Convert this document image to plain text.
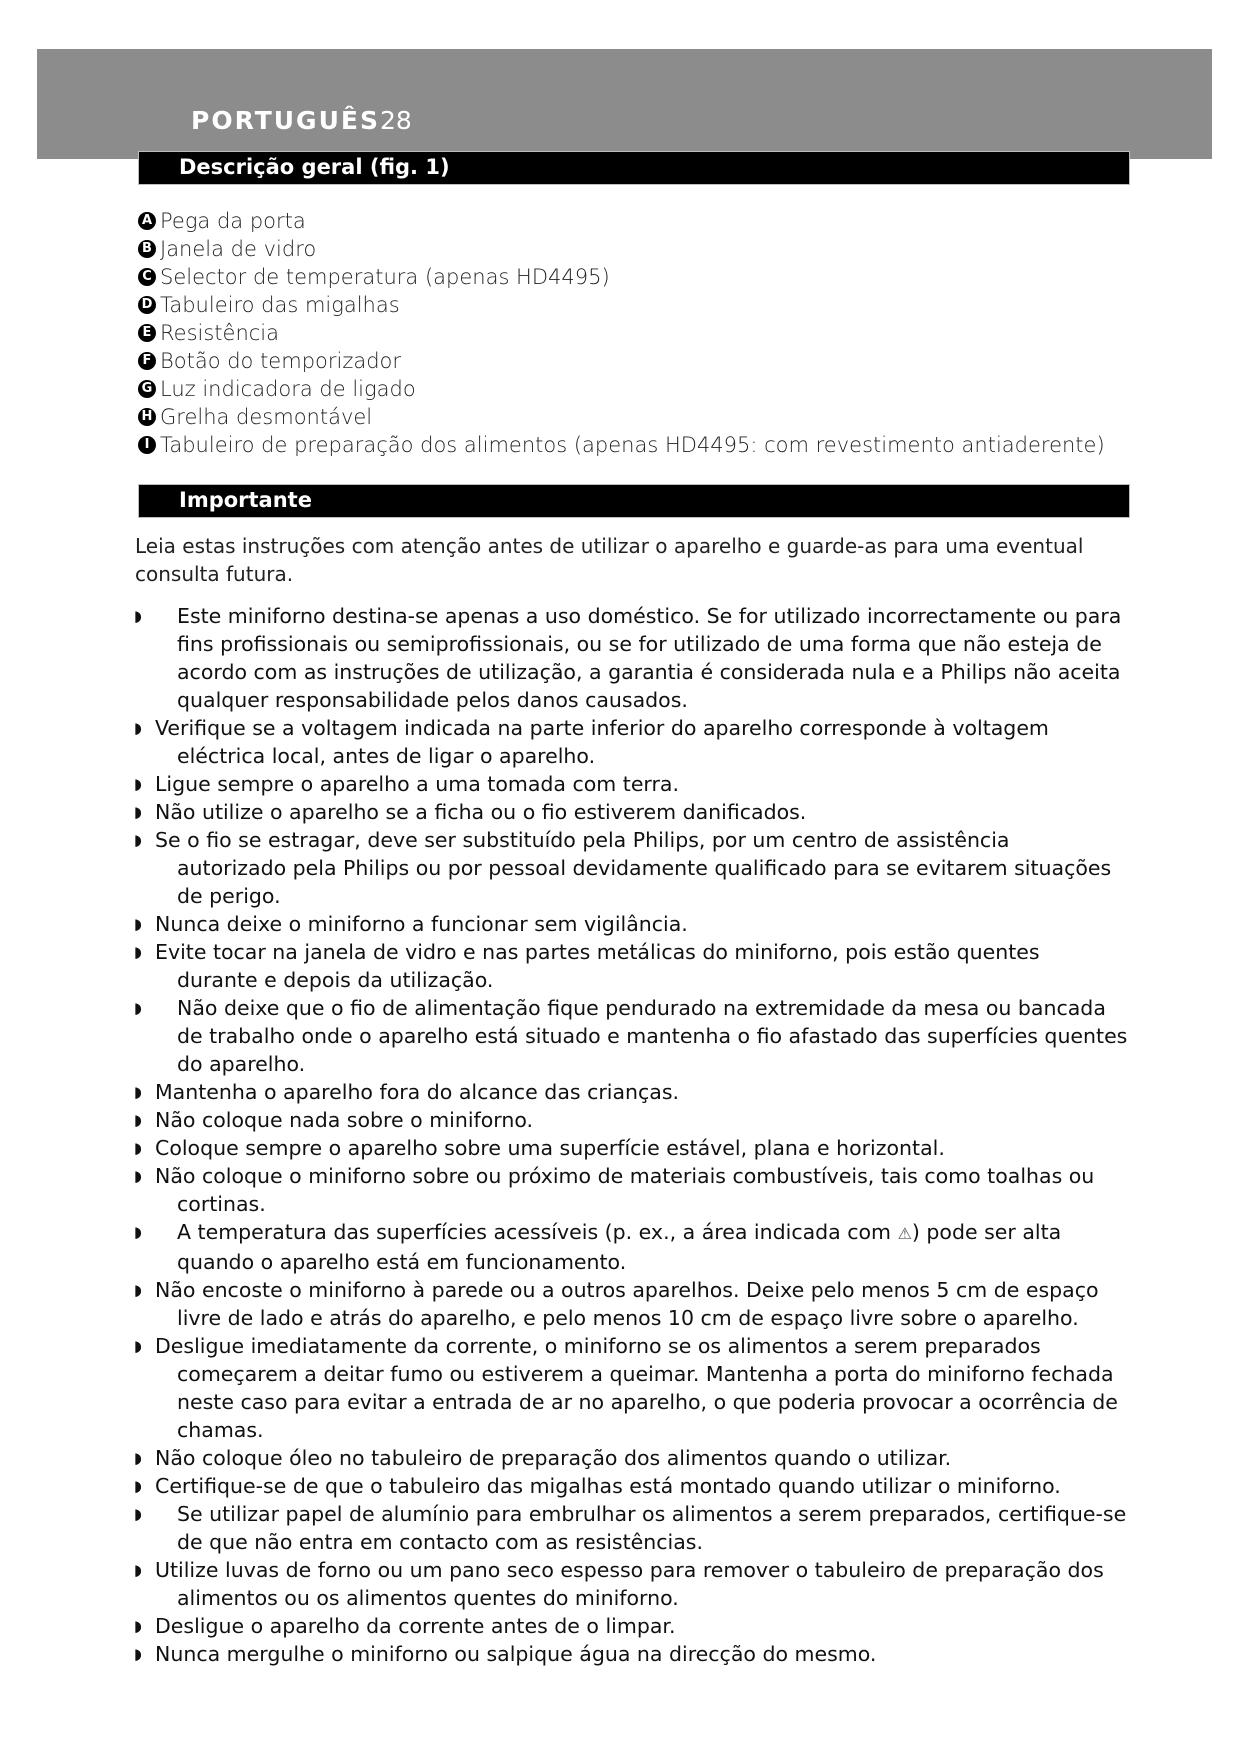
PORTUGUÊS28
Descrição geral (fig. 1)
A Pega da porta
B Janela de vidro
C Selector de temperatura (apenas HD4495)
D Tabuleiro das migalhas
E Resistência
F Botão do temporizador
G Luz indicadora de ligado
H Grelha desmontável
I Tabuleiro de preparação dos alimentos (apenas HD4495: com revestimento antiaderente)
Importante

Leia estas instruções com atenção antes de utilizar o aparelho e guarde-as para uma eventual consulta futura.

◗ Este miniforno destina-se apenas a uso doméstico. Se for utilizado incorrectamente ou para fins profissionais ou semiprofissionais, ou se for utilizado de uma forma que não esteja de acordo com as instruções de utilização, a garantia é considerada nula e a Philips não aceita qualquer responsabilidade pelos danos causados.
◗ Verifique se a voltagem indicada na parte inferior do aparelho corresponde à voltagem
eléctrica local, antes de ligar o aparelho.
◗ Ligue sempre o aparelho a uma tomada com terra.
◗ Não utilize o aparelho se a ficha ou o fio estiverem danificados.
◗ Se o fio se estragar, deve ser substituído pela Philips, por um centro de assistência
autorizado pela Philips ou por pessoal devidamente qualificado para se evitarem situações de perigo.
◗ Nunca deixe o miniforno a funcionar sem vigilância.
◗ Evite tocar na janela de vidro e nas partes metálicas do miniforno, pois estão quentes
durante e depois da utilização.
◗ Não deixe que o fio de alimentação fique pendurado na extremidade da mesa ou bancada de trabalho onde o aparelho está situado e mantenha o fio afastado das superfícies quentes do aparelho.
◗ Mantenha o aparelho fora do alcance das crianças.
◗ Não coloque nada sobre o miniforno.
◗ Coloque sempre o aparelho sobre uma superfície estável, plana e horizontal.
◗ Não coloque o miniforno sobre ou próximo de materiais combustíveis, tais como toalhas ou
cortinas.
◗ A temperatura das superfícies acessíveis (p. ex., a área indicada com ⚠) pode ser alta quando o aparelho está em funcionamento.
◗ Não encoste o miniforno à parede ou a outros aparelhos. Deixe pelo menos 5 cm de espaço
livre de lado e atrás do aparelho, e pelo menos 10 cm de espaço livre sobre o aparelho.
◗ Desligue imediatamente da corrente, o miniforno se os alimentos a serem preparados
começarem a deitar fumo ou estiverem a queimar. Mantenha a porta do miniforno fechada neste caso para evitar a entrada de ar no aparelho, o que poderia provocar a ocorrência de chamas.
◗ Não coloque óleo no tabuleiro de preparação dos alimentos quando o utilizar.
◗ Certifique-se de que o tabuleiro das migalhas está montado quando utilizar o miniforno.
◗ Se utilizar papel de alumínio para embrulhar os alimentos a serem preparados, certifique-se de que não entra em contacto com as resistências.
◗ Utilize luvas de forno ou um pano seco espesso para remover o tabuleiro de preparação dos
alimentos ou os alimentos quentes do miniforno.
◗ Desligue o aparelho da corrente antes de o limpar.
◗ Nunca mergulhe o miniforno ou salpique água na direcção do mesmo.
